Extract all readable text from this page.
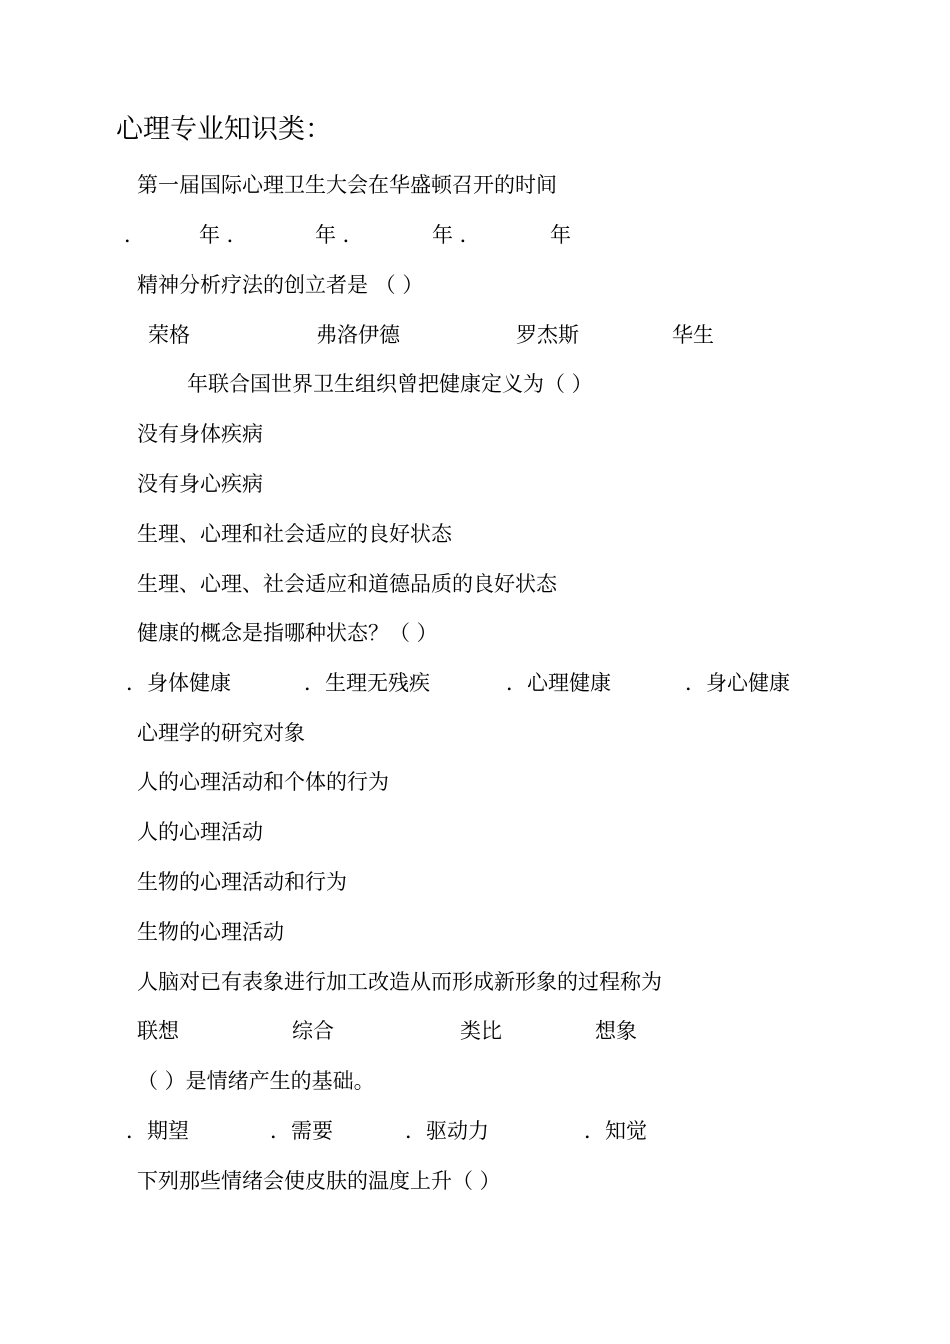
心理专业知识类：
第一届国际心理卫生大会在华盛顿召开的时间
．	年 ．	年 ．	年 ．	年
精神分析疗法的创立者是 （ ）
荣格	弗洛伊德	罗杰斯	华生
年联合国世界卫生组织曾把健康定义为（ ）
没有身体疾病
没有身心疾病
生理、心理和社会适应的良好状态
生理、心理、社会适应和道德品质的良好状态
健康的概念是指哪种状态？（ ）
．身体健康	．生理无残疾	．心理健康	．身心健康
心理学的研究对象
人的心理活动和个体的行为
人的心理活动
生物的心理活动和行为
生物的心理活动
人脑对已有表象进行加工改造从而形成新形象的过程称为
联想	综合	类比	想象
（ ）是情绪产生的基础。
．期望	．需要	．驱动力	．知觉
下列那些情绪会使皮肤的温度上升（ ）
